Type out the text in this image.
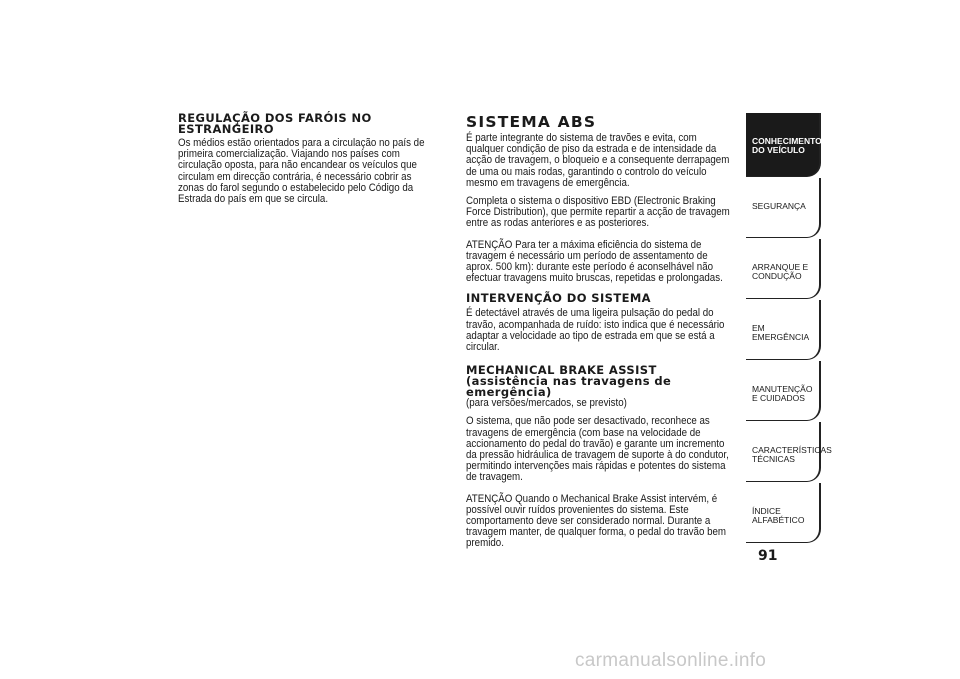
REGULAÇÃO DOS FARÓIS NO ESTRANGEIRO

Os médios estão orientados para a circulação no país de primeira comercialização. Viajando nos países com circulação oposta, para não encandear os veículos que circulam em direcção contrária, é necessário cobrir as zonas do farol segundo o estabelecido pelo Código da Estrada do país em que se circula.

SISTEMA ABS

É parte integrante do sistema de travões e evita, com qualquer condição de piso da estrada e de intensidade da acção de travagem, o bloqueio e a consequente derrapagem de uma ou mais rodas, garantindo o controlo do veículo mesmo em travagens de emergência.

Completa o sistema o dispositivo EBD (Electronic Braking Force Distribution), que permite repartir a acção de travagem entre as rodas anteriores e as posteriores.

ATENÇÃO Para ter a máxima eficiência do sistema de travagem é necessário um período de assentamento de aprox. 500 km): durante este período é aconselhável não efectuar travagens muito bruscas, repetidas e prolongadas.

INTERVENÇÃO DO SISTEMA

É detectável através de uma ligeira pulsação do pedal do travão, acompanhada de ruído: isto indica que é necessário adaptar a velocidade ao tipo de estrada em que se está a circular.

MECHANICAL BRAKE ASSIST
(assistência nas travagens de emergência)

(para versões/mercados, se previsto)

O sistema, que não pode ser desactivado, reconhece as travagens de emergência (com base na velocidade de accionamento do pedal do travão) e garante um incremento da pressão hidráulica de travagem de suporte à do condutor, permitindo intervenções mais rápidas e potentes do sistema de travagem.

ATENÇÃO Quando o Mechanical Brake Assist intervém, é possível ouvir ruídos provenientes do sistema. Este comportamento deve ser considerado normal. Durante a travagem manter, de qualquer forma, o pedal do travão bem premido.

CONHECIMENTO DO VEÍCULO
SEGURANÇA
ARRANQUE E CONDUÇÃO
EM EMERGÊNCIA
MANUTENÇÃO E CUIDADOS
CARACTERÍSTICAS TÉCNICAS
ÍNDICE ALFABÉTICO
91
carmanualsonline.info
